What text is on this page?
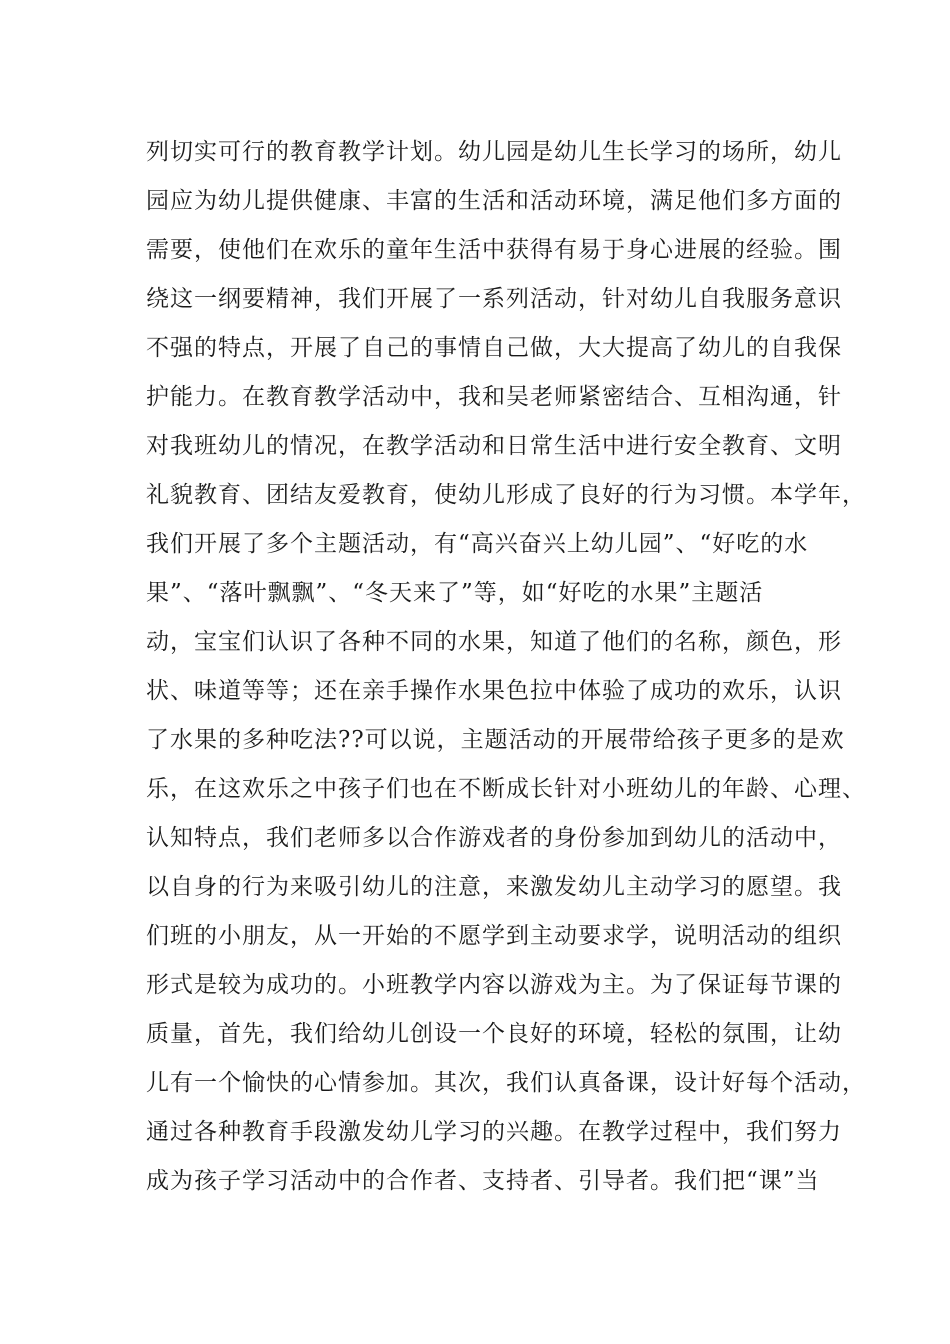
列切实可行的教育教学计划。幼儿园是幼儿生长学习的场所，幼儿
园应为幼儿提供健康、丰富的生活和活动环境，满足他们多方面的
需要，使他们在欢乐的童年生活中获得有易于身心进展的经验。围
绕这一纲要精神，我们开展了一系列活动，针对幼儿自我服务意识
不强的特点，开展了自己的事情自己做，大大提高了幼儿的自我保
护能力。在教育教学活动中，我和吴老师紧密结合、互相沟通，针
对我班幼儿的情况，在教学活动和日常生活中进行安全教育、文明
礼貌教育、团结友爱教育，使幼儿形成了良好的行为习惯。本学年，
我们开展了多个主题活动，有“高兴奋兴上幼儿园”、“好吃的水
果”、“落叶飘飘”、“冬天来了”等，如“好吃的水果”主题活
动，宝宝们认识了各种不同的水果，知道了他们的名称，颜色，形
状、味道等等；还在亲手操作水果色拉中体验了成功的欢乐，认识
了水果的多种吃法??可以说，主题活动的开展带给孩子更多的是欢
乐，在这欢乐之中孩子们也在不断成长针对小班幼儿的年龄、心理、
认知特点，我们老师多以合作游戏者的身份参加到幼儿的活动中，
以自身的行为来吸引幼儿的注意，来激发幼儿主动学习的愿望。我
们班的小朋友，从一开始的不愿学到主动要求学，说明活动的组织
形式是较为成功的。小班教学内容以游戏为主。为了保证每节课的
质量，首先，我们给幼儿创设一个良好的环境，轻松的氛围，让幼
儿有一个愉快的心情参加。其次，我们认真备课，设计好每个活动，
通过各种教育手段激发幼儿学习的兴趣。在教学过程中，我们努力
成为孩子学习活动中的合作者、支持者、引导者。我们把“课”当
